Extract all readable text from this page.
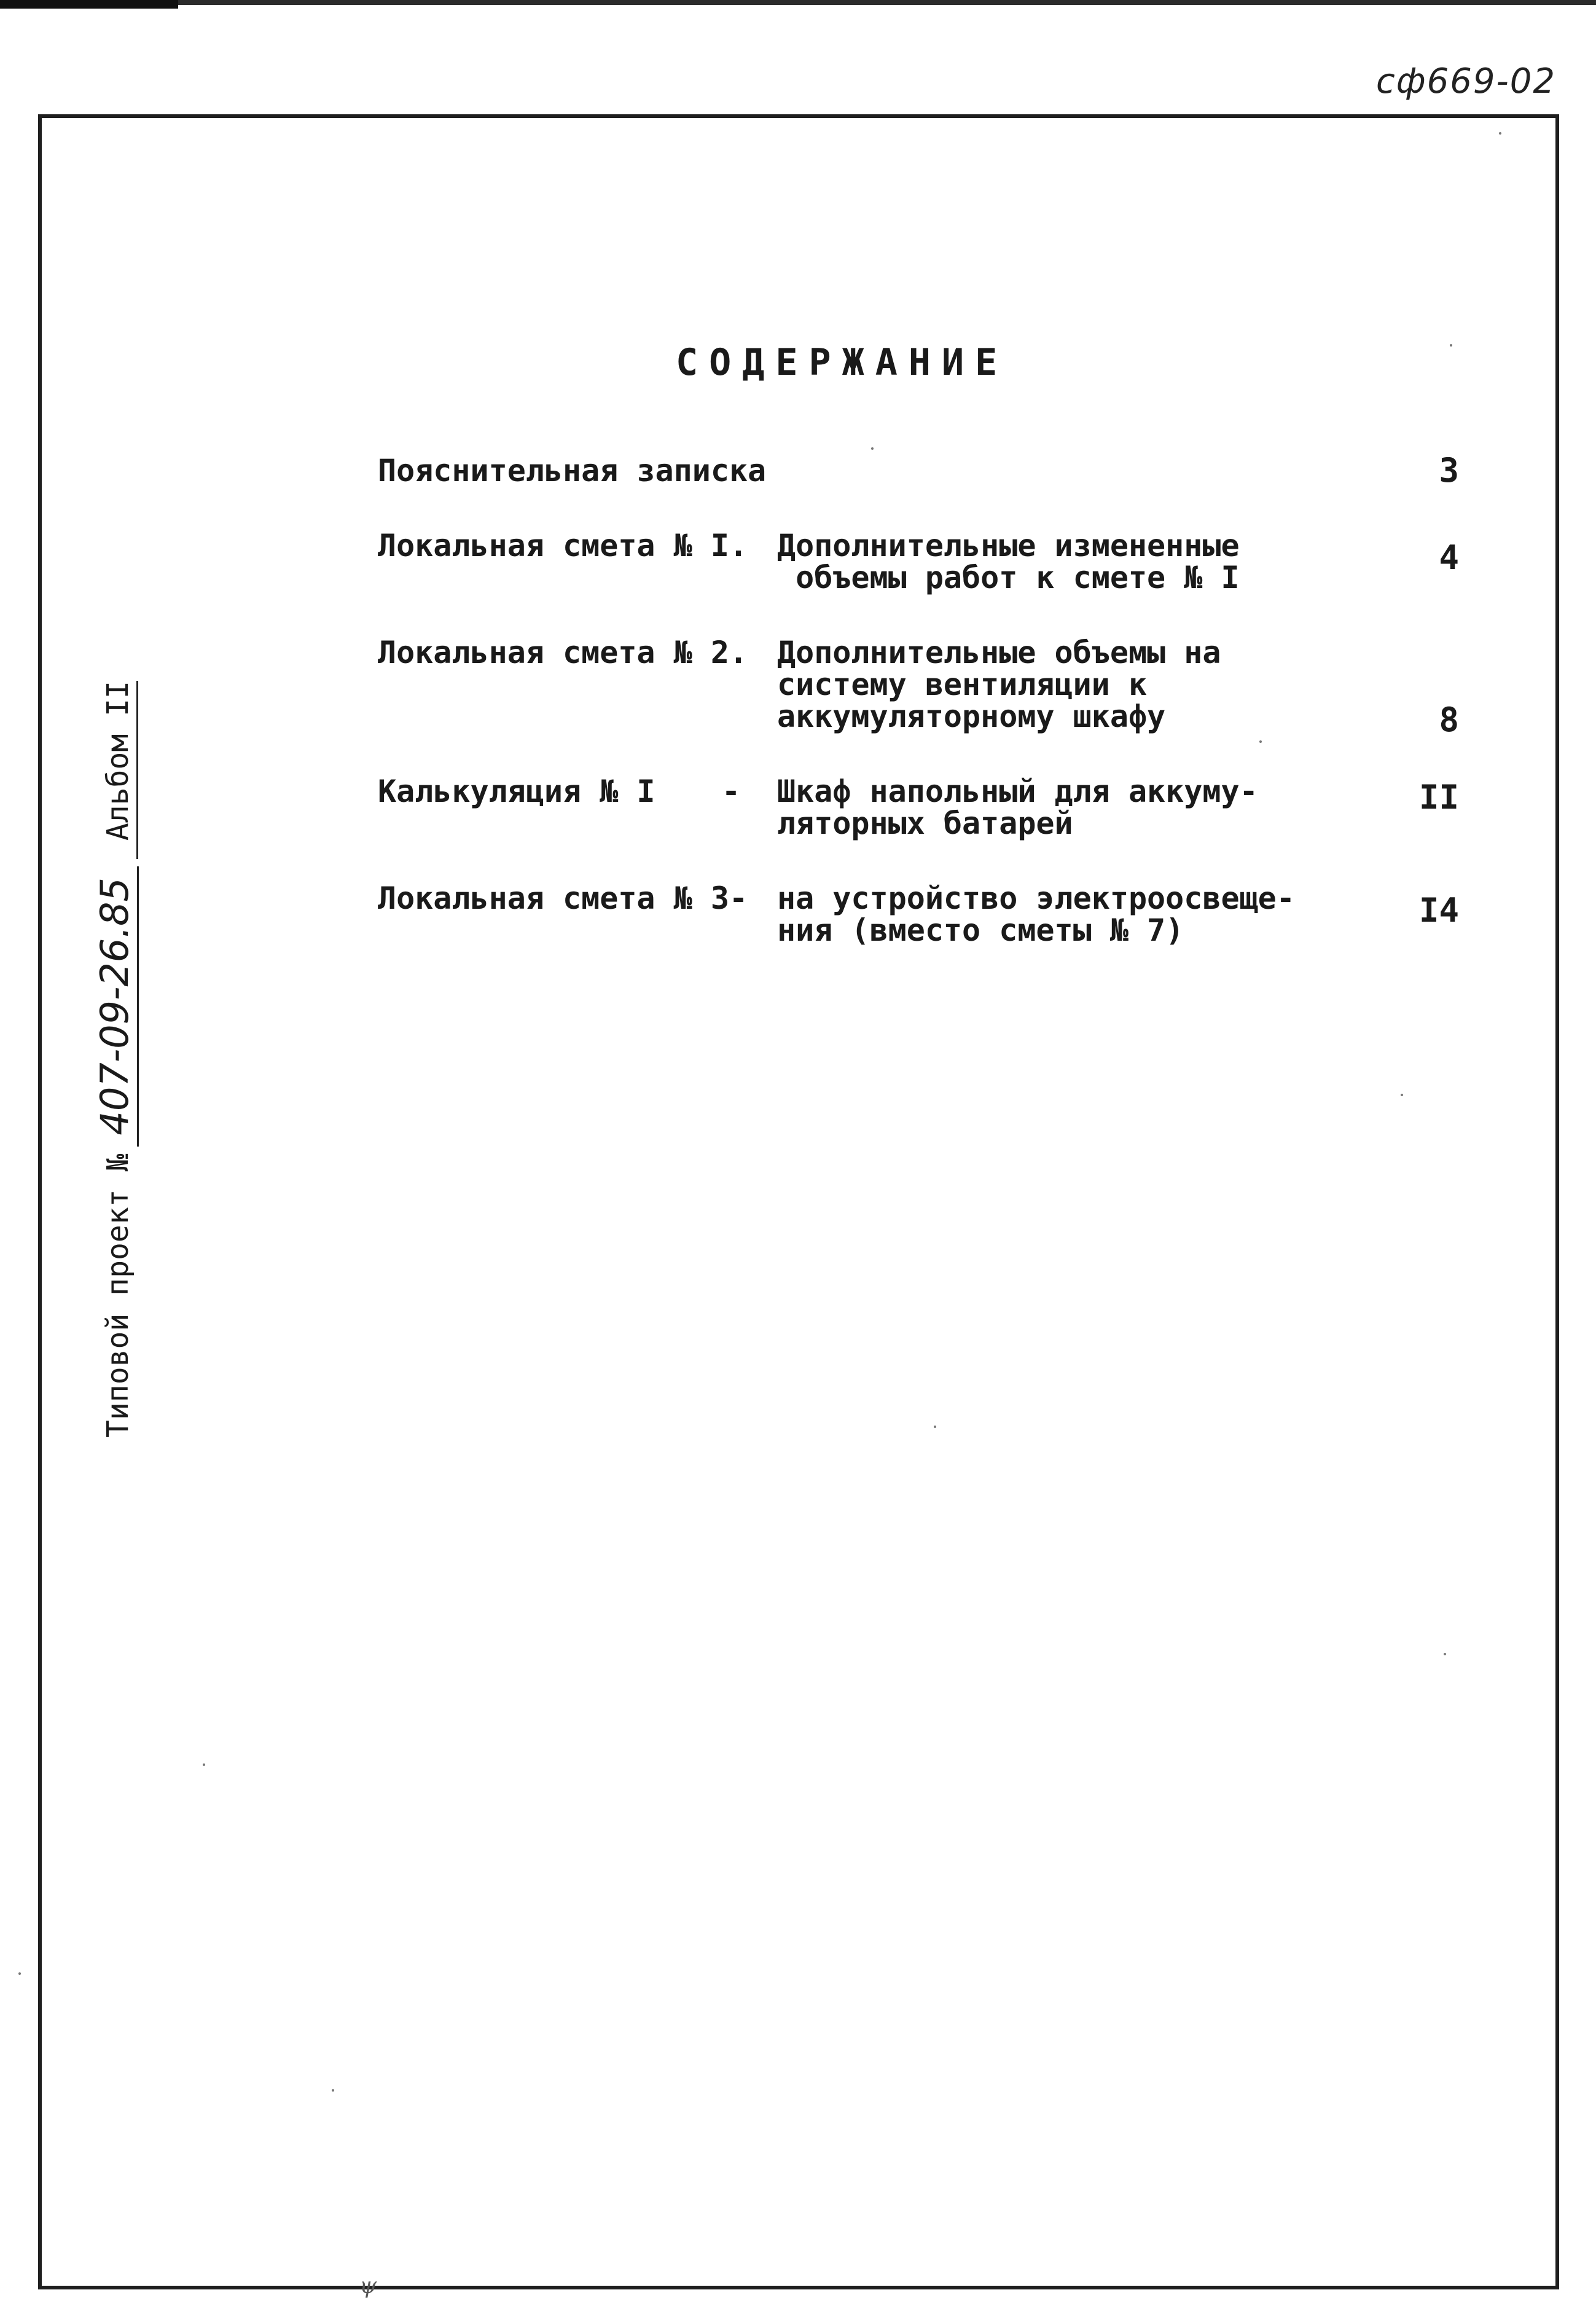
сф669-02
Типовой проект №
407-09-26.85
Альбом II
СОДЕРЖАНИЕ
Пояснительная записка	3
Локальная смета № I. Дополнительные измененные
объемы работ к смете № I
4
Локальная смета № 2. Дополнительные объемы на
систему вентиляции к
аккумуляторному шкафу	8
Калькуляция № I - Шкаф напольный для аккуму-
ляторных батарей
II
Локальная смета № 3- на устройство электроосвеще-
ния (вместо сметы № 7)
I4
ψ
